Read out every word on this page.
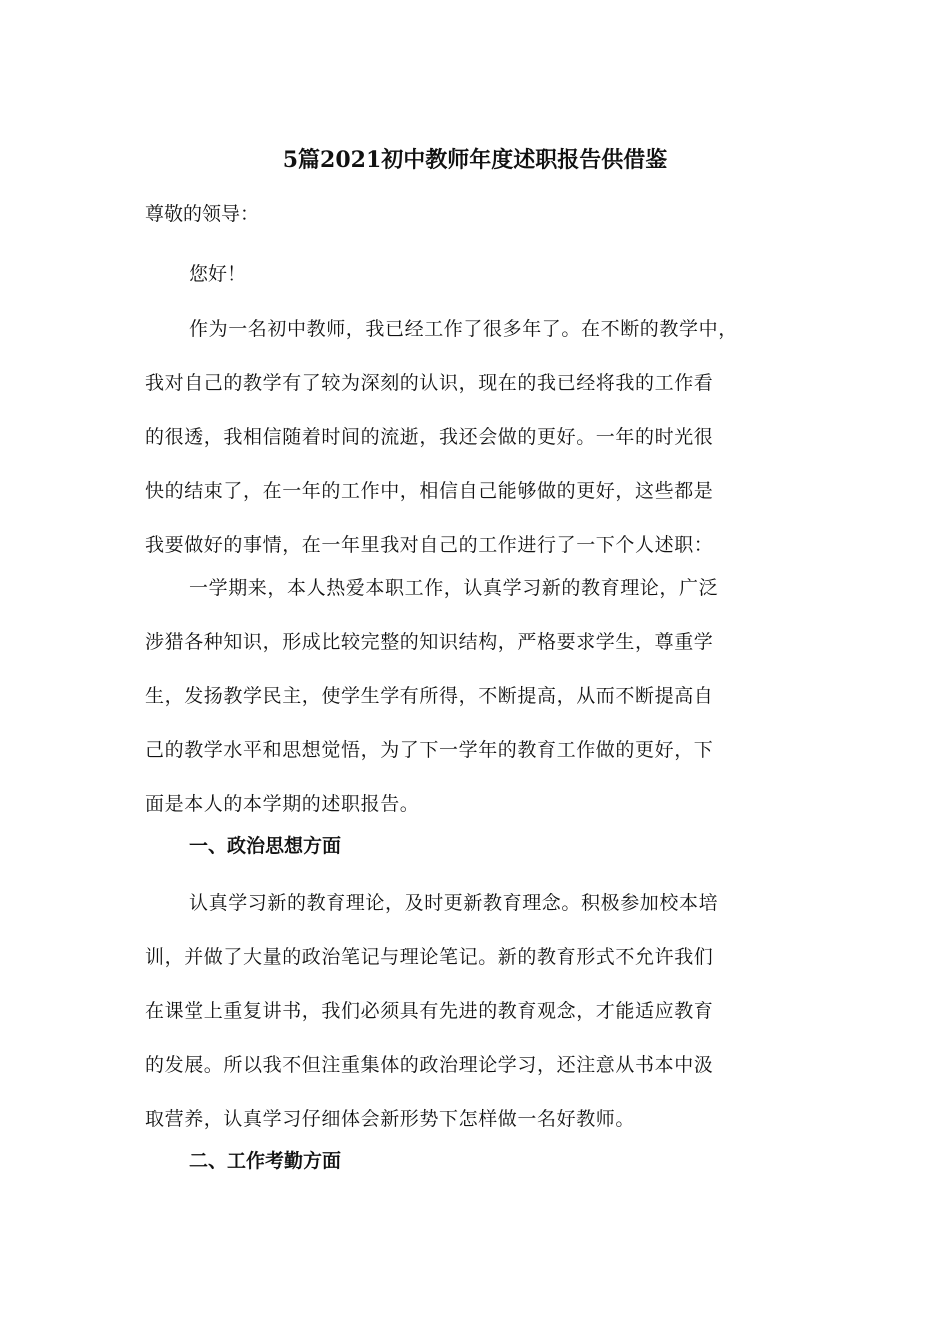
5篇2021初中教师年度述职报告供借鉴

尊敬的领导：

您好！

作为一名初中教师，我已经工作了很多年了。在不断的教学中，
我对自己的教学有了较为深刻的认识，现在的我已经将我的工作看
的很透，我相信随着时间的流逝，我还会做的更好。一年的时光很
快的结束了，在一年的工作中，相信自己能够做的更好，这些都是
我要做好的事情，在一年里我对自己的工作进行了一下个人述职：
一学期来，本人热爱本职工作，认真学习新的教育理论，广泛
涉猎各种知识，形成比较完整的知识结构，严格要求学生，尊重学
生，发扬教学民主，使学生学有所得，不断提高，从而不断提高自
己的教学水平和思想觉悟，为了下一学年的教育工作做的更好，下
面是本人的本学期的述职报告。
一、政治思想方面
认真学习新的教育理论，及时更新教育理念。积极参加校本培
训，并做了大量的政治笔记与理论笔记。新的教育形式不允许我们
在课堂上重复讲书，我们必须具有先进的教育观念，才能适应教育
的发展。所以我不但注重集体的政治理论学习，还注意从书本中汲
取营养，认真学习仔细体会新形势下怎样做一名好教师。
二、工作考勤方面
